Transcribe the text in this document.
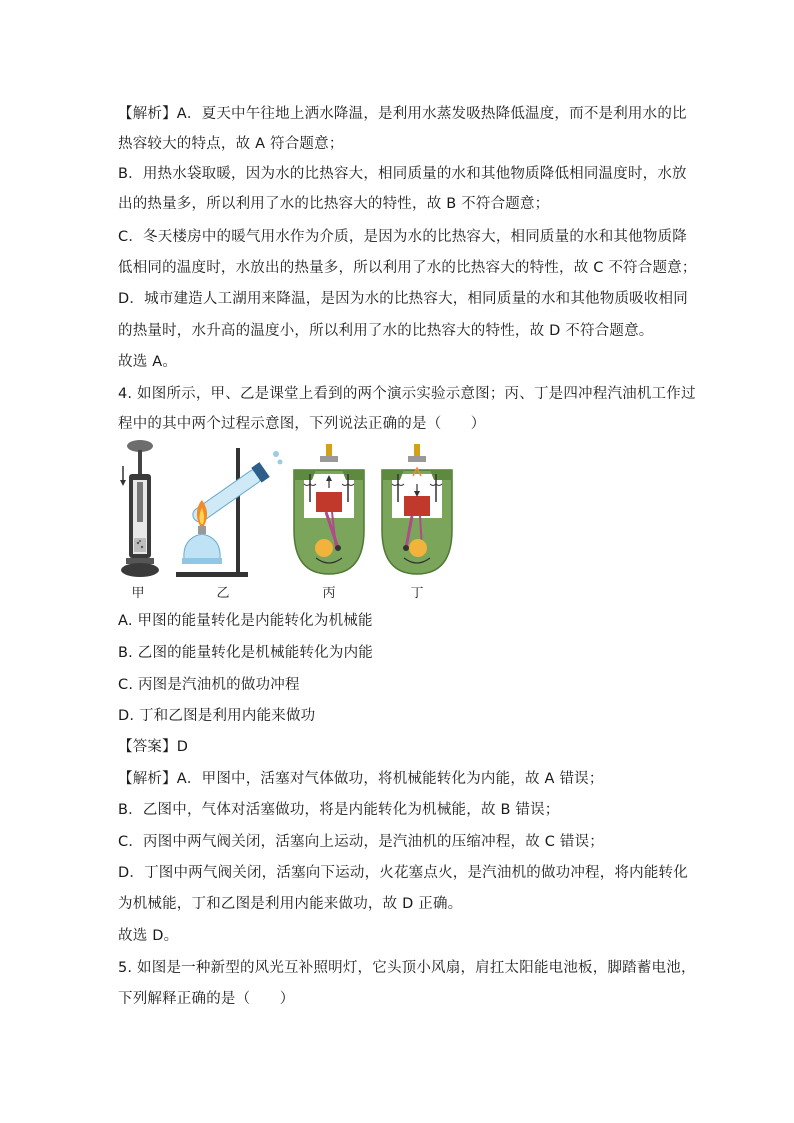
【解析】A．夏天中午往地上洒水降温，是利用水蒸发吸热降低温度，而不是利用水的比
热容较大的特点，故 A 符合题意；
B．用热水袋取暖，因为水的比热容大，相同质量的水和其他物质降低相同温度时，水放
出的热量多，所以利用了水的比热容大的特性，故 B 不符合题意；
C．冬天楼房中的暖气用水作为介质，是因为水的比热容大，相同质量的水和其他物质降
低相同的温度时，水放出的热量多，所以利用了水的比热容大的特性，故 C 不符合题意；
D．城市建造人工湖用来降温，是因为水的比热容大，相同质量的水和其他物质吸收相同
的热量时，水升高的温度小，所以利用了水的比热容大的特性，故 D 不符合题意。
故选 A。
4. 如图所示，甲、乙是课堂上看到的两个演示实验示意图；丙、丁是四冲程汽油机工作过
程中的其中两个过程示意图，下列说法正确的是（　　）
甲	乙	丙	丁
A. 甲图的能量转化是内能转化为机械能
B. 乙图的能量转化是机械能转化为内能
C. 丙图是汽油机的做功冲程
D. 丁和乙图是利用内能来做功
【答案】D
【解析】A．甲图中，活塞对气体做功，将机械能转化为内能，故 A 错误；
B．乙图中，气体对活塞做功，将是内能转化为机械能，故 B 错误；
C．丙图中两气阀关闭，活塞向上运动，是汽油机的压缩冲程，故 C 错误；
D．丁图中两气阀关闭，活塞向下运动，火花塞点火，是汽油机的做功冲程，将内能转化
为机械能，丁和乙图是利用内能来做功，故 D 正确。
故选 D。
5. 如图是一种新型的风光互补照明灯，它头顶小风扇，肩扛太阳能电池板，脚踏蓄电池，
下列解释正确的是（　　）
